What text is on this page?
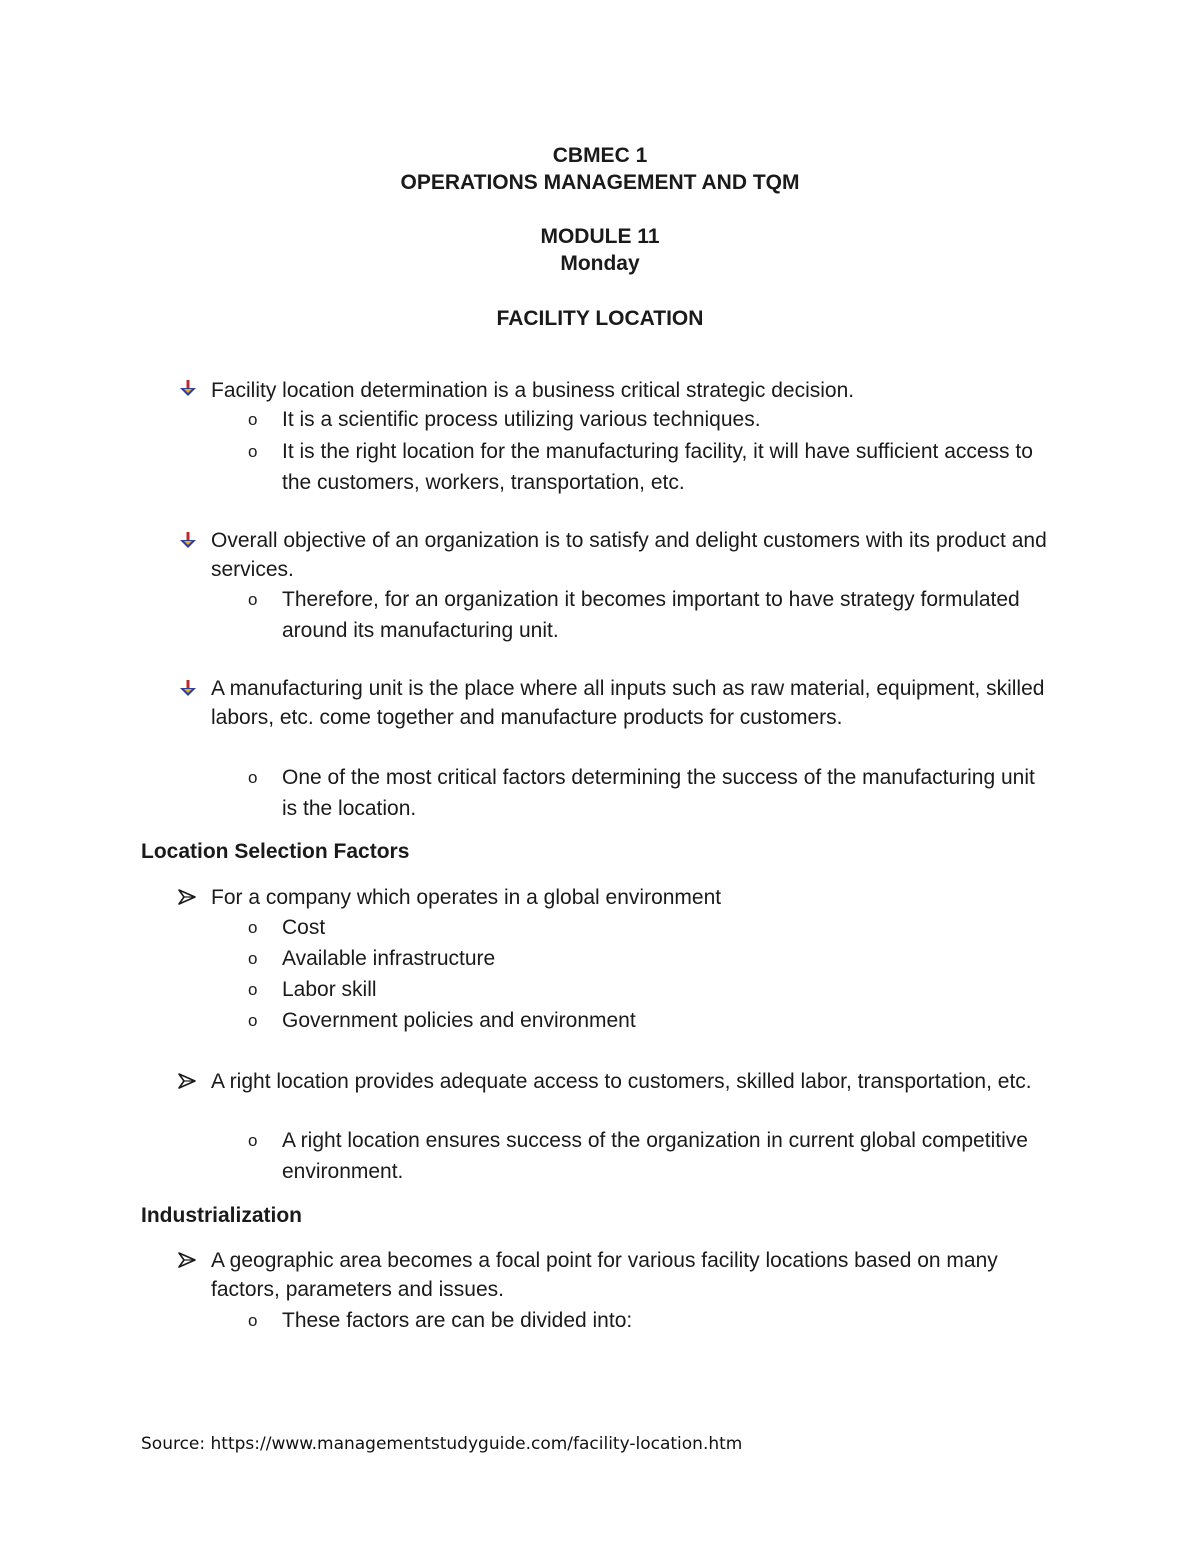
CBMEC 1
OPERATIONS MANAGEMENT AND TQM
MODULE 11
Monday
FACILITY LOCATION
Facility location determination is a business critical strategic decision.
o It is a scientific process utilizing various techniques.
o It is the right location for the manufacturing facility, it will have sufficient access to the customers, workers, transportation, etc.
Overall objective of an organization is to satisfy and delight customers with its product and services.
o Therefore, for an organization it becomes important to have strategy formulated around its manufacturing unit.
A manufacturing unit is the place where all inputs such as raw material, equipment, skilled labors, etc. come together and manufacture products for customers.
o One of the most critical factors determining the success of the manufacturing unit is the location.
Location Selection Factors
For a company which operates in a global environment
o Cost
o Available infrastructure
o Labor skill
o Government policies and environment
A right location provides adequate access to customers, skilled labor, transportation, etc.
o A right location ensures success of the organization in current global competitive environment.
Industrialization
A geographic area becomes a focal point for various facility locations based on many factors, parameters and issues.
o These factors are can be divided into:
Source: https://www.managementstudyguide.com/facility-location.htm
